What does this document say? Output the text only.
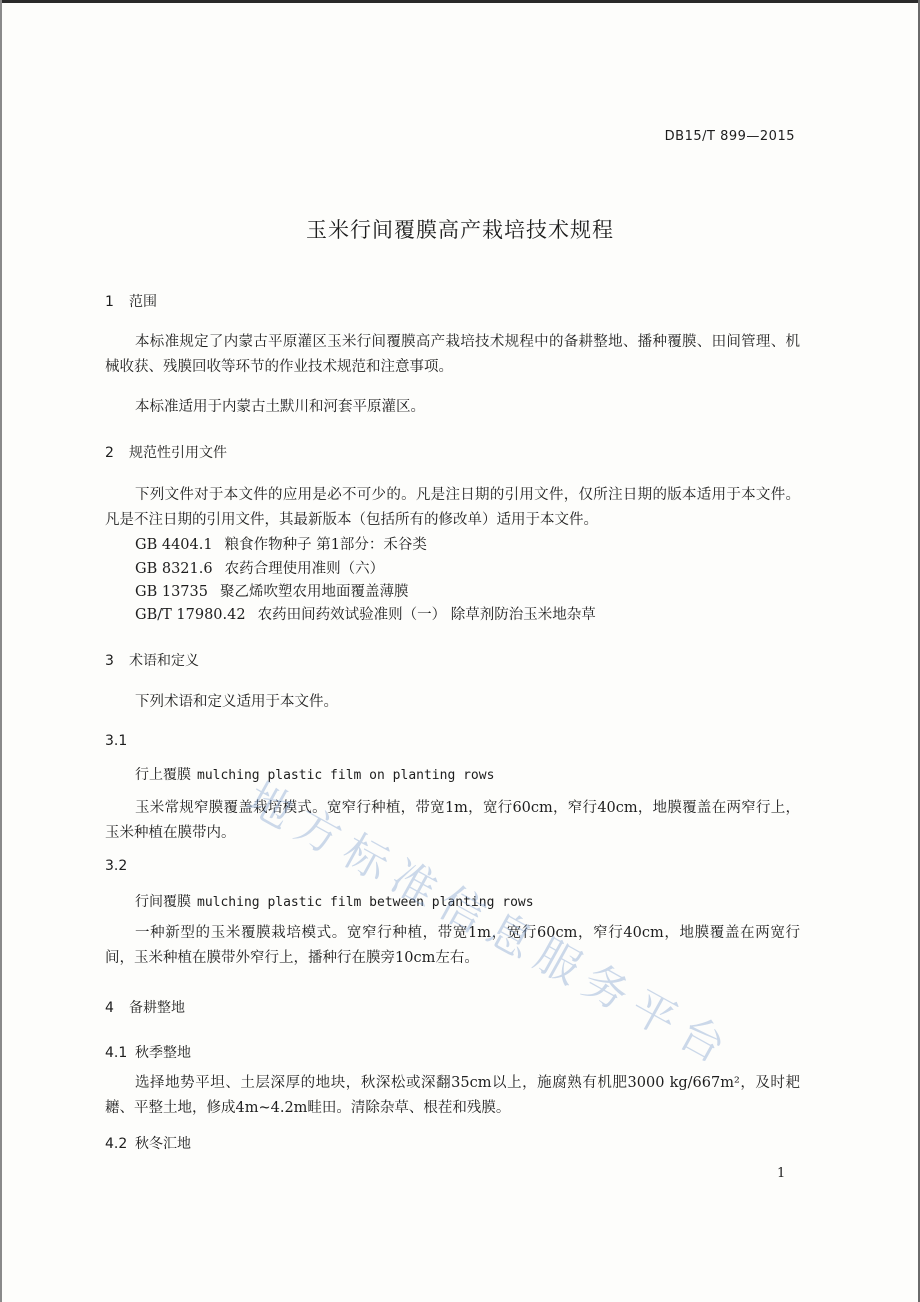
DB15/T 899—2015
玉米行间覆膜高产栽培技术规程
1 范围
本标准规定了内蒙古平原灌区玉米行间覆膜高产栽培技术规程中的备耕整地、播种覆膜、田间管理、机械收获、残膜回收等环节的作业技术规范和注意事项。
本标准适用于内蒙古土默川和河套平原灌区。
2 规范性引用文件
下列文件对于本文件的应用是必不可少的。凡是注日期的引用文件，仅所注日期的版本适用于本文件。凡是不注日期的引用文件，其最新版本（包括所有的修改单）适用于本文件。
GB 4404.1 粮食作物种子 第1部分：禾谷类
GB 8321.6 农药合理使用准则（六）
GB 13735 聚乙烯吹塑农用地面覆盖薄膜
GB/T 17980.42 农药田间药效试验准则（一） 除草剂防治玉米地杂草
3 术语和定义
下列术语和定义适用于本文件。
3.1
行上覆膜 mulching plastic film on planting rows
玉米常规窄膜覆盖栽培模式。宽窄行种植，带宽1m，宽行60cm，窄行40cm，地膜覆盖在两窄行上，玉米种植在膜带内。
3.2
行间覆膜 mulching plastic film between planting rows
一种新型的玉米覆膜栽培模式。宽窄行种植，带宽1m，宽行60cm，窄行40cm，地膜覆盖在两宽行间，玉米种植在膜带外窄行上，播种行在膜旁10cm左右。
4 备耕整地
4.1 秋季整地
选择地势平坦、土层深厚的地块，秋深松或深翻35cm以上，施腐熟有机肥3000 kg/667m²，及时耙耱、平整土地，修成4m~4.2m畦田。清除杂草、根茬和残膜。
4.2 秋冬汇地
1
地
方
标
准
信
息
服
务
平
台
